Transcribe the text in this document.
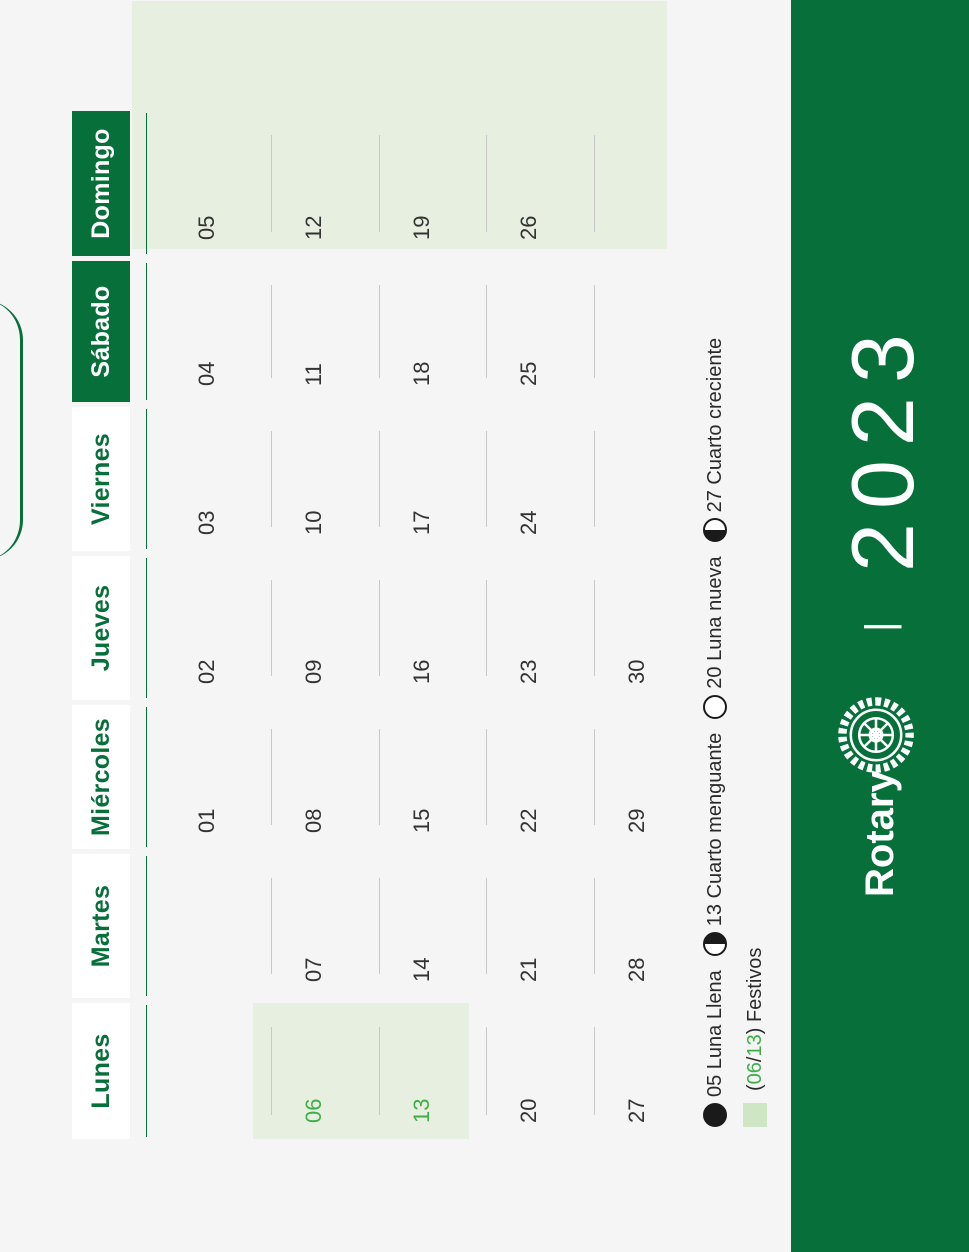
Lunes
Martes
Miércoles
Jueves
Viernes
Sábado
Domingo
01
02
03
04
05
06
07
08
09
10
11
12
13
14
15
16
17
18
19
20
21
22
23
24
25
26
27
28
29
30
05 Luna Llena
13 Cuarto menguante
20 Luna nueva
27 Cuarto creciente
(
06
/
13
) Festivos
Rotary
|
2023
